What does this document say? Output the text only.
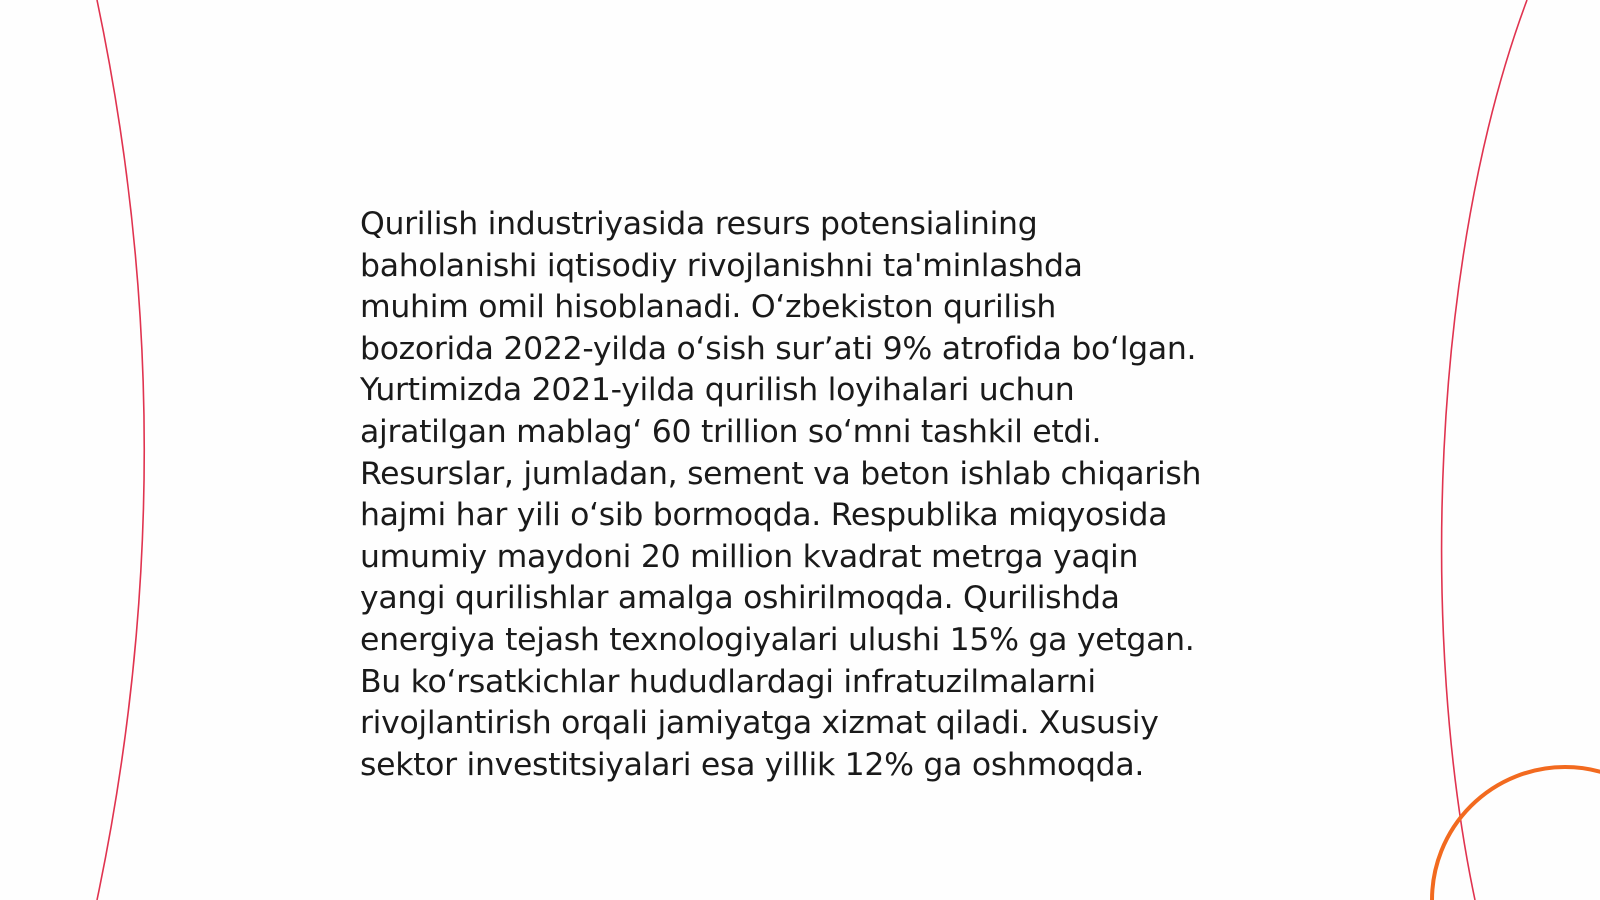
Qurilish industriyasida resurs potensialining
baholanishi iqtisodiy rivojlanishni ta'minlashda
muhim omil hisoblanadi. O‘zbekiston qurilish
bozorida 2022-yilda o‘sish sur’ati 9% atrofida bo‘lgan.
Yurtimizda 2021-yilda qurilish loyihalari uchun
ajratilgan mablag‘ 60 trillion so‘mni tashkil etdi.
Resurslar, jumladan, sement va beton ishlab chiqarish
hajmi har yili o‘sib bormoqda. Respublika miqyosida
umumiy maydoni 20 million kvadrat metrga yaqin
yangi qurilishlar amalga oshirilmoqda. Qurilishda
energiya tejash texnologiyalari ulushi 15% ga yetgan.
Bu ko‘rsatkichlar hududlardagi infratuzilmalarni
rivojlantirish orqali jamiyatga xizmat qiladi. Xususiy
sektor investitsiyalari esa yillik 12% ga oshmoqda.
